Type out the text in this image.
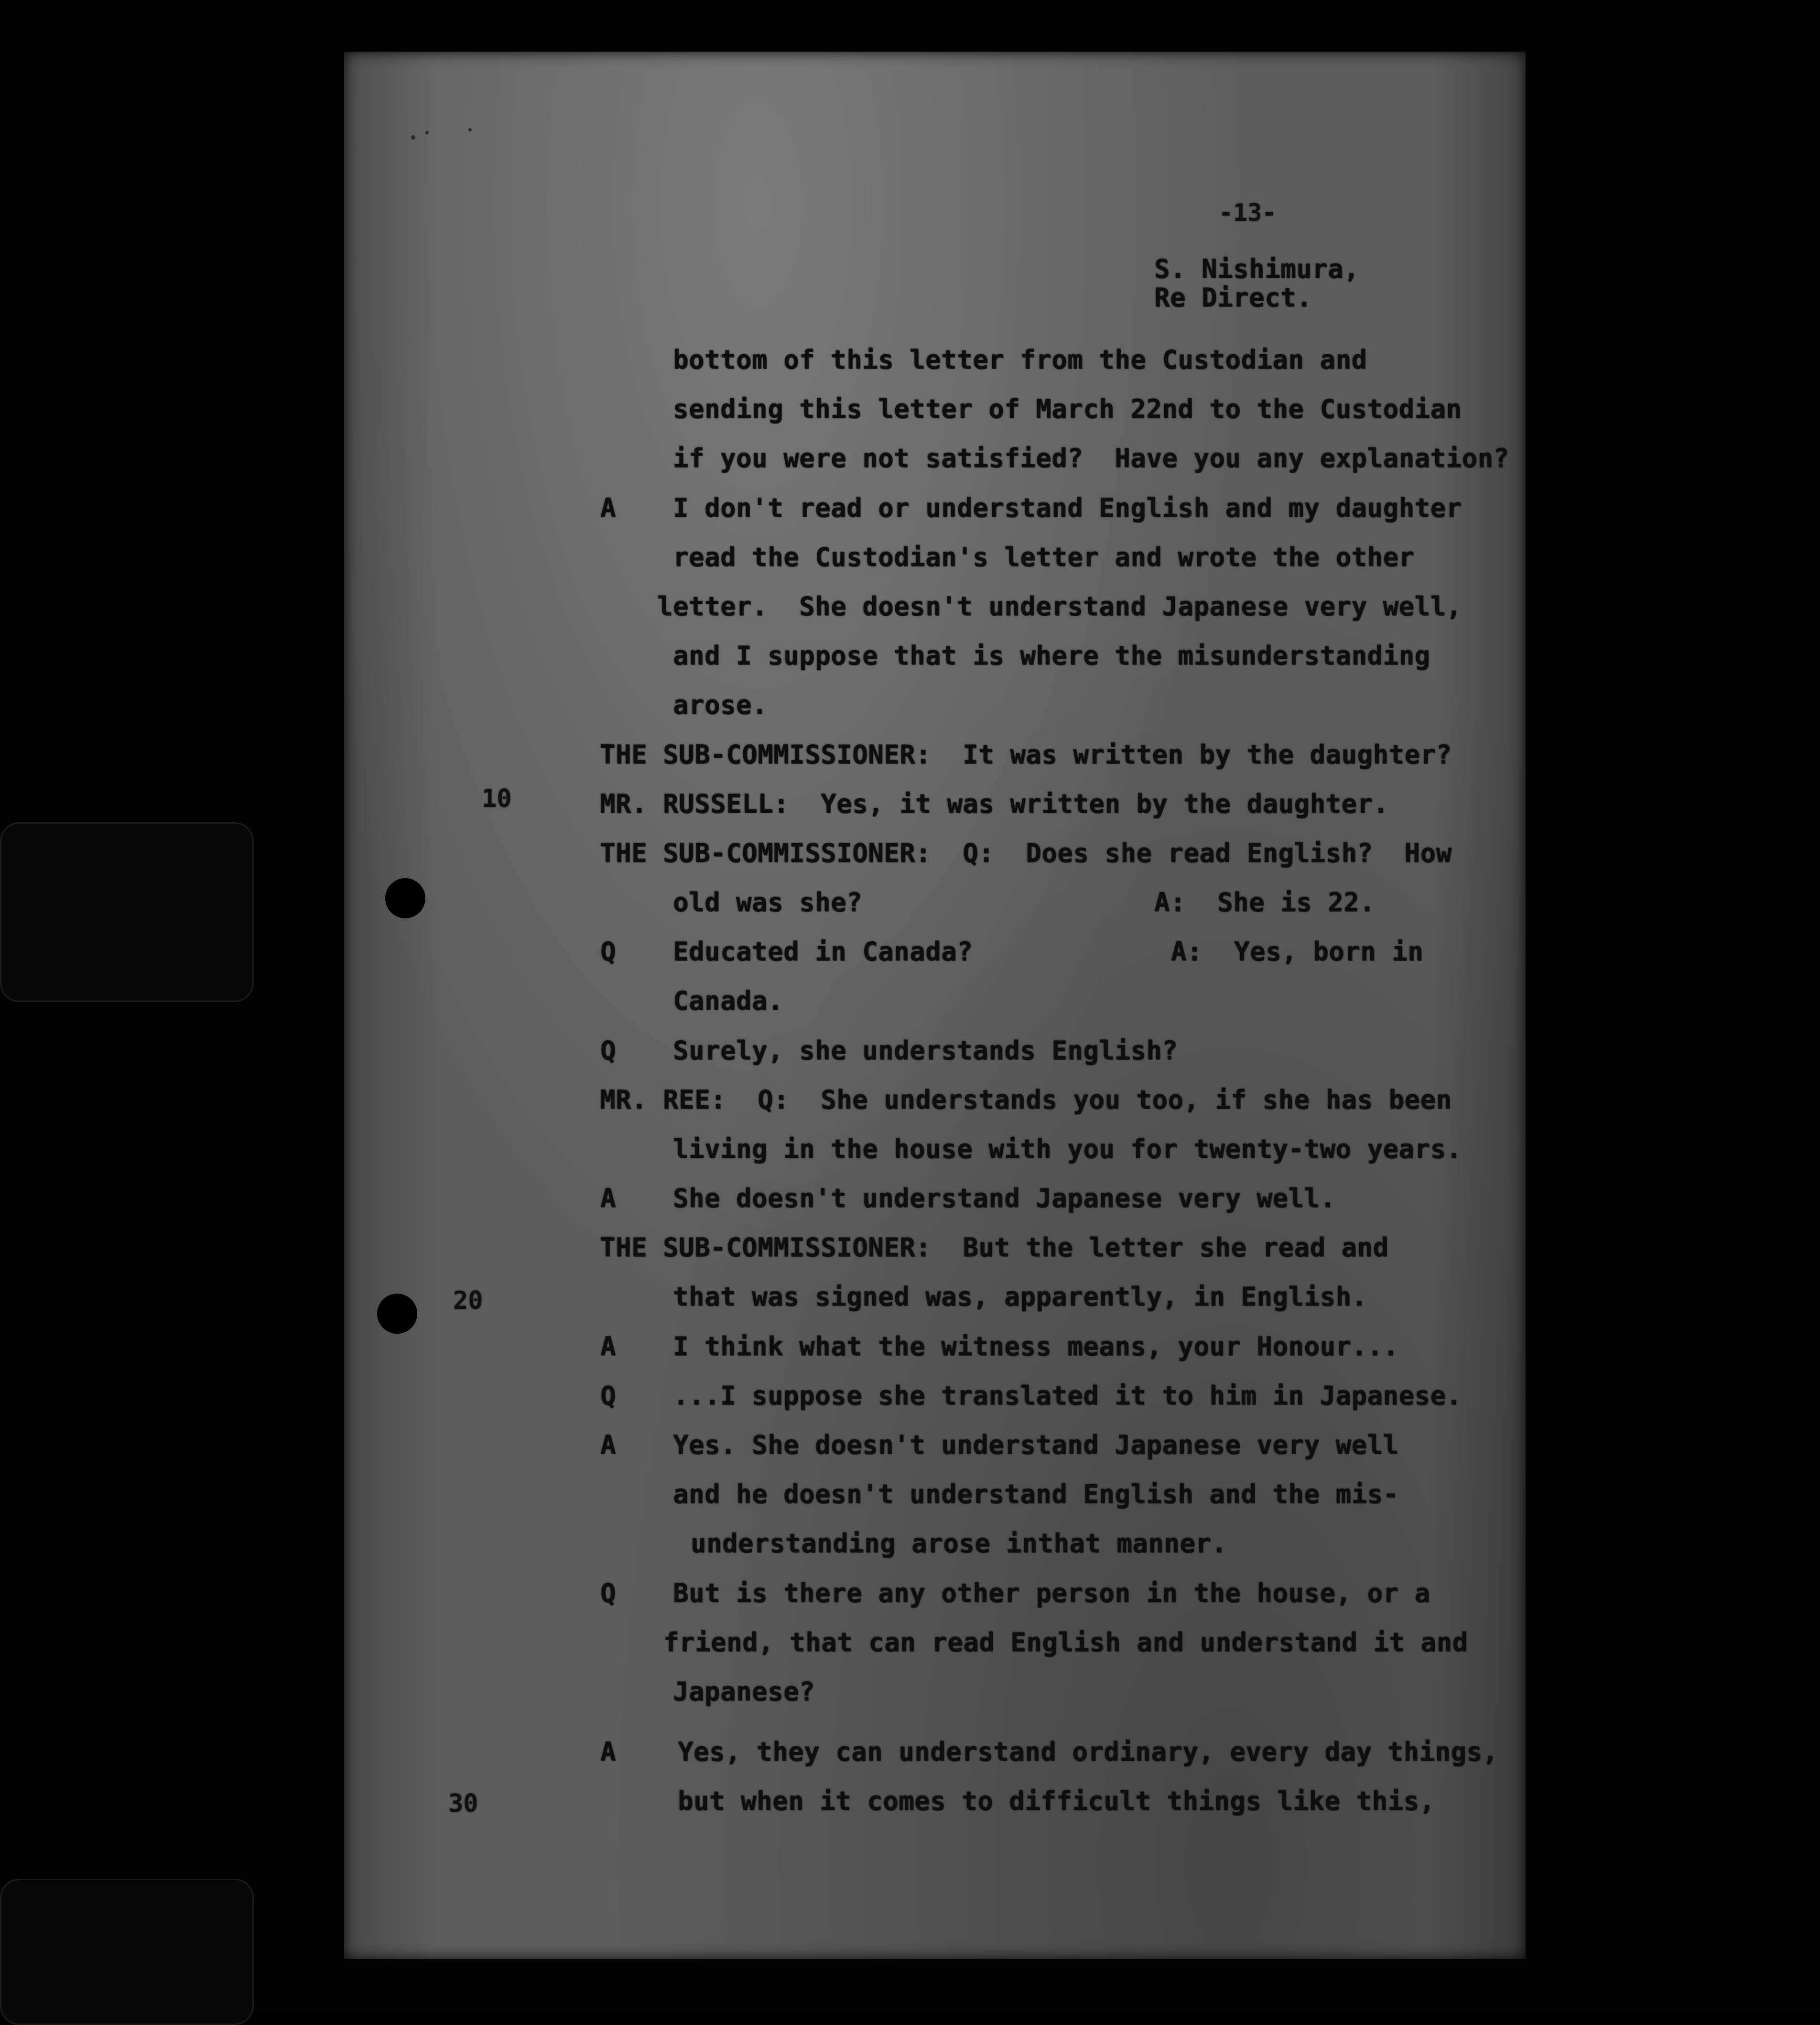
-13-
S. Nishimura,
Re Direct.
10
20
30
bottom of this letter from the Custodian and
sending this letter of March 22nd to the Custodian
if you were not satisfied?  Have you any explanation?
A I don't read or understand English and my daughter
read the Custodian's letter and wrote the other
letter.  She doesn't understand Japanese very well,
and I suppose that is where the misunderstanding
arose.
THE SUB-COMMISSIONER:  It was written by the daughter?
MR. RUSSELL:  Yes, it was written by the daughter.
THE SUB-COMMISSIONER:  Q:  Does she read English?  How
old was she?	A:  She is 22.
Q Educated in Canada?	A:  Yes, born in
Canada.
Q Surely, she understands English?
MR. REE:  Q:  She understands you too, if she has been
living in the house with you for twenty-two years.
A She doesn't understand Japanese very well.
THE SUB-COMMISSIONER:  But the letter she read and
that was signed was, apparently, in English.
A I think what the witness means, your Honour...
Q ...I suppose she translated it to him in Japanese.
A Yes. She doesn't understand Japanese very well
and he doesn't understand English and the mis-
understanding arose inthat manner.
Q But is there any other person in the house, or a
friend, that can read English and understand it and
Japanese?
A Yes, they can understand ordinary, every day things,
but when it comes to difficult things like this,
